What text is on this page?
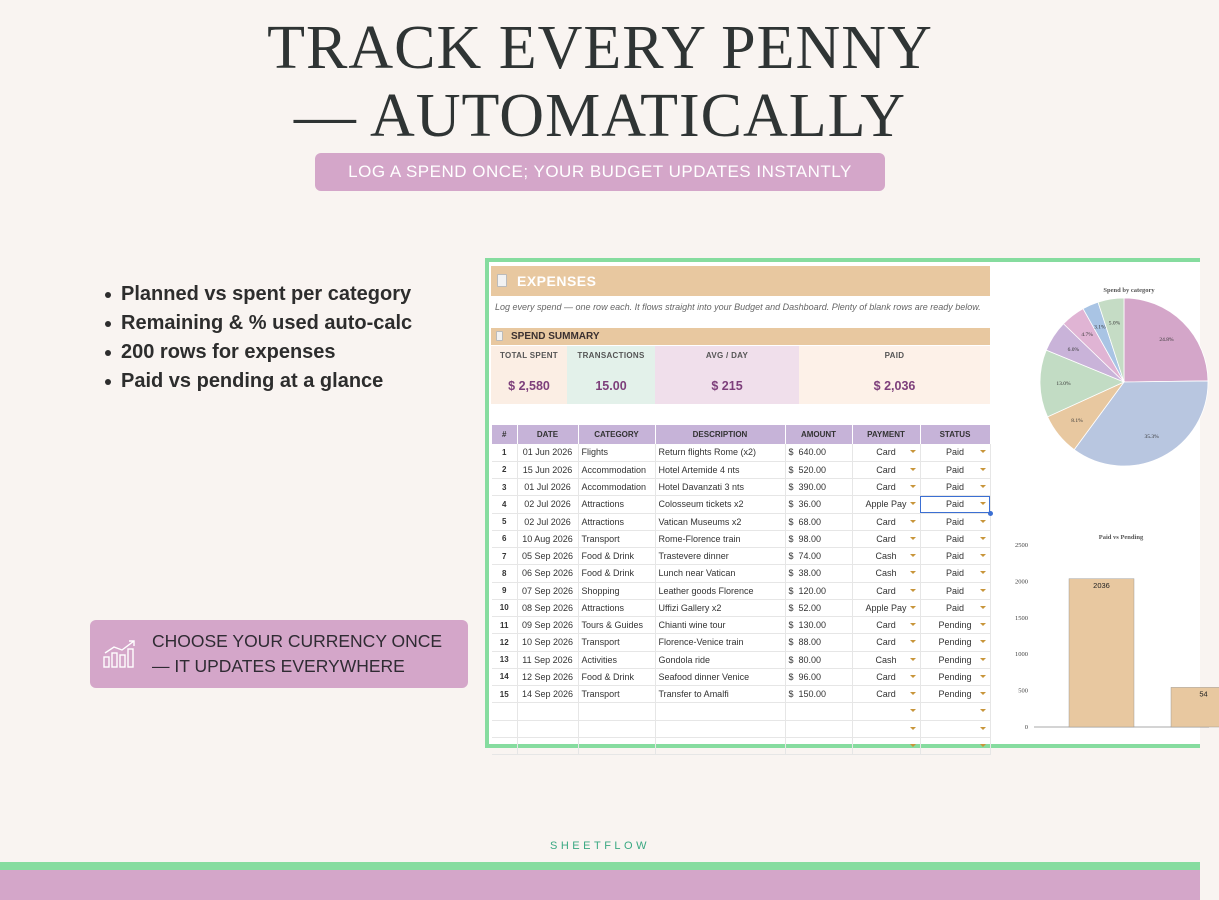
TRACK EVERY PENNY
— AUTOMATICALLY
LOG A SPEND ONCE; YOUR BUDGET UPDATES INSTANTLY
Planned vs spent per category
Remaining & % used auto-calc
200 rows for expenses
Paid vs pending at a glance
CHOOSE YOUR CURRENCY ONCE
— IT UPDATES EVERYWHERE
EXPENSES
Log every spend — one row each. It flows straight into your Budget and Dashboard. Plenty of blank rows are ready below.
SPEND SUMMARY
TOTAL SPENT
$ 2,580
TRANSACTIONS
15.00
AVG / DAY
$ 215
PAID
$ 2,036
#	DATE	CATEGORY	DESCRIPTION	AMOUNT	PAYMENT	STATUS
1	01 Jun 2026	Flights	Return flights Rome (x2)	$ 640.00	Card	Paid

2	15 Jun 2026	Accommodation	Hotel Artemide 4 nts	$ 520.00	Card	Paid

3	01 Jul 2026	Accommodation	Hotel Davanzati 3 nts	$ 390.00	Card	Paid

4	02 Jul 2026	Attractions	Colosseum tickets x2	$ 36.00	Apple Pay	Paid

5	02 Jul 2026	Attractions	Vatican Museums x2	$ 68.00	Card	Paid

6	10 Aug 2026	Transport	Rome-Florence train	$ 98.00	Card	Paid

7	05 Sep 2026	Food & Drink	Trastevere dinner	$ 74.00	Cash	Paid

8	06 Sep 2026	Food & Drink	Lunch near Vatican	$ 38.00	Cash	Paid

9	07 Sep 2026	Shopping	Leather goods Florence	$ 120.00	Card	Paid

10	08 Sep 2026	Attractions	Uffizi Gallery x2	$ 52.00	Apple Pay	Paid

11	09 Sep 2026	Tours & Guides	Chianti wine tour	$ 130.00	Card	Pending

12	10 Sep 2026	Transport	Florence-Venice train	$ 88.00	Card	Pending

13	11 Sep 2026	Activities	Gondola ride	$ 80.00	Cash	Pending

14	12 Sep 2026	Food & Drink	Seafood dinner Venice	$ 96.00	Card	Pending

15	14 Sep 2026	Transport	Transfer to Amalfi	$ 150.00	Card	Pending

Spend by category
24.8%
35.3%
8.1%
13.0%
6.0%
4.7%
3.1%
5.0%
Paid vs Pending
2500
2000
1500
1000
500
0
2036
54
SHEETFLOW
